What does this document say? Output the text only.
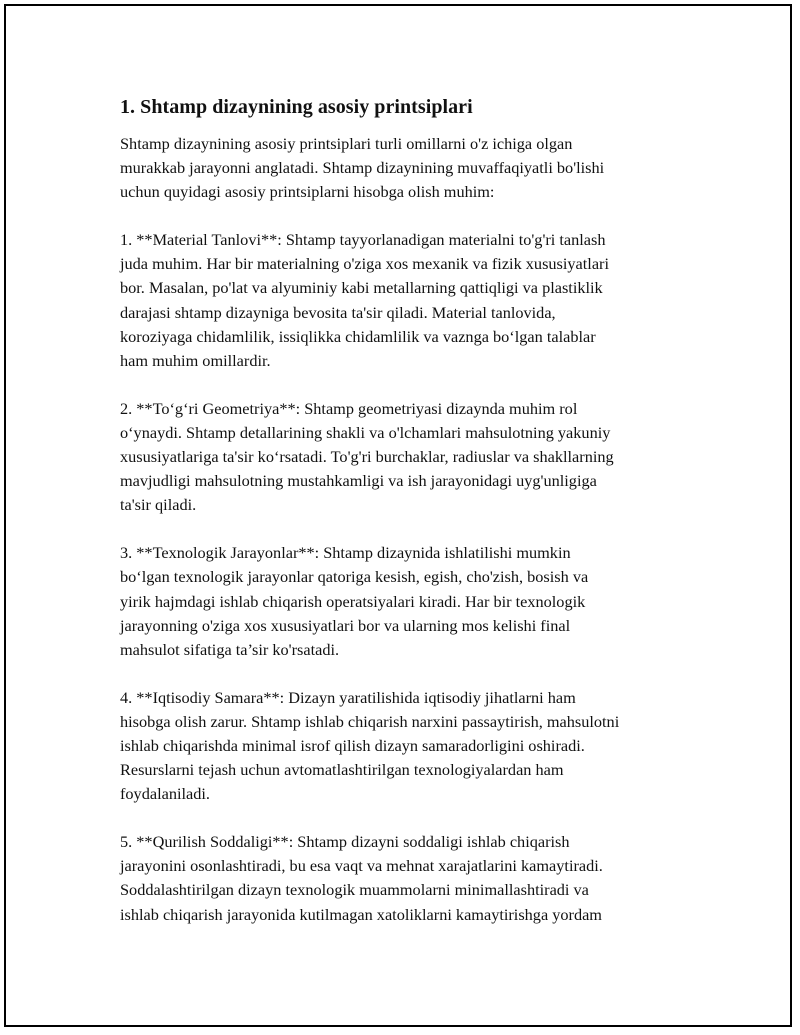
1. Shtamp dizaynining asosiy printsiplari

Shtamp dizaynining asosiy printsiplari turli omillarni o'z ichiga olgan
murakkab jarayonni anglatadi. Shtamp dizaynining muvaffaqiyatli bo'lishi
uchun quyidagi asosiy printsiplarni hisobga olish muhim:

1. **Material Tanlovi**: Shtamp tayyorlanadigan materialni to'g'ri tanlash
juda muhim. Har bir materialning o'ziga xos mexanik va fizik xususiyatlari
bor. Masalan, po'lat va alyuminiy kabi metallarning qattiqligi va plastiklik
darajasi shtamp dizayniga bevosita ta'sir qiladi. Material tanlovida,
koroziyaga chidamlilik, issiqlikka chidamlilik va vaznga bo‘lgan talablar
ham muhim omillardir.

2. **To‘g‘ri Geometriya**: Shtamp geometriyasi dizaynda muhim rol
o‘ynaydi. Shtamp detallarining shakli va o'lchamlari mahsulotning yakuniy
xususiyatlariga ta'sir ko‘rsatadi. To'g'ri burchaklar, radiuslar va shakllarning
mavjudligi mahsulotning mustahkamligi va ish jarayonidagi uyg'unligiga
ta'sir qiladi.

3. **Texnologik Jarayonlar**: Shtamp dizaynida ishlatilishi mumkin
bo‘lgan texnologik jarayonlar qatoriga kesish, egish, cho'zish, bosish va
yirik hajmdagi ishlab chiqarish operatsiyalari kiradi. Har bir texnologik
jarayonning o'ziga xos xususiyatlari bor va ularning mos kelishi final
mahsulot sifatiga ta’sir ko'rsatadi.

4. **Iqtisodiy Samara**: Dizayn yaratilishida iqtisodiy jihatlarni ham
hisobga olish zarur. Shtamp ishlab chiqarish narxini passaytirish, mahsulotni
ishlab chiqarishda minimal isrof qilish dizayn samaradorligini oshiradi.
Resurslarni tejash uchun avtomatlashtirilgan texnologiyalardan ham
foydalaniladi.

5. **Qurilish Soddaligi**: Shtamp dizayni soddaligi ishlab chiqarish
jarayonini osonlashtiradi, bu esa vaqt va mehnat xarajatlarini kamaytiradi.
Soddalashtirilgan dizayn texnologik muammolarni minimallashtiradi va
ishlab chiqarish jarayonida kutilmagan xatoliklarni kamaytirishga yordam
